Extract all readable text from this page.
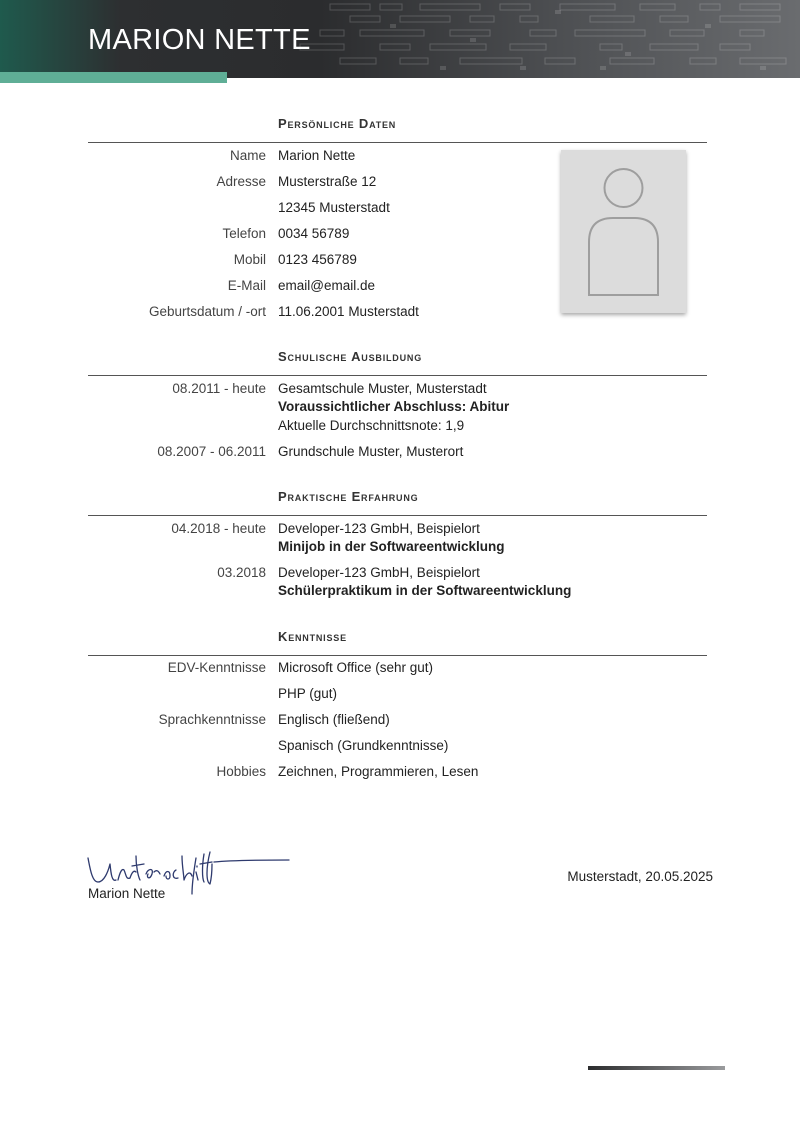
MARION NETTE
Persönliche Daten
Name Marion Nette
Adresse Musterstraße 12
12345 Musterstadt
Telefon 0034 56789
Mobil 0123 456789
E-Mail email@email.de
Geburtsdatum / -ort 11.06.2001 Musterstadt
Schulische Ausbildung
08.2011 - heute Gesamtschule Muster, Musterstadt
Voraussichtlicher Abschluss: Abitur
Aktuelle Durchschnittsnote: 1,9
08.2007 - 06.2011 Grundschule Muster, Musterort
Praktische Erfahrung
04.2018 - heute Developer-123 GmbH, Beispielort
Minijob in der Softwareentwicklung
03.2018 Developer-123 GmbH, Beispielort
Schülerpraktikum in der Softwareentwicklung
Kenntnisse
EDV-Kenntnisse Microsoft Office (sehr gut)
PHP (gut)
Sprachkenntnisse Englisch (fließend)
Spanisch (Grundkenntnisse)
Hobbies Zeichnen, Programmieren, Lesen
Marion Nette
Musterstadt, 20.05.2025
